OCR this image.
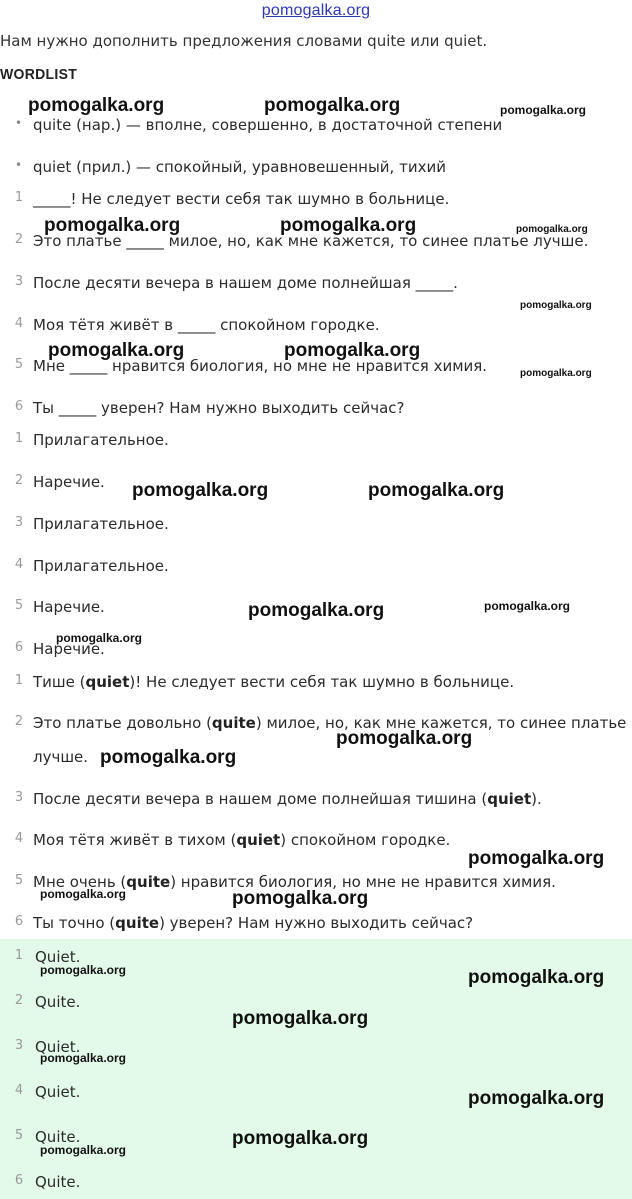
pomogalka.org
Нам нужно дополнить предложения словами quite или quiet.
WORDLIST
• quite (нар.) — вполне, совершенно, в достаточной степени
• quiet (прил.) — спокойный, уравновешенный, тихий
1 _____! Не следует вести себя так шумно в больнице.
2 Это платье _____ милое, но, как мне кажется, то синее платье лучше.
3 После десяти вечера в нашем доме полнейшая _____.
4 Моя тётя живёт в _____ спокойном городке.
5 Мне _____ нравится биология, но мне не нравится химия.
6 Ты _____ уверен? Нам нужно выходить сейчас?
1 Прилагательное.
2 Наречие.
3 Прилагательное.
4 Прилагательное.
5 Наречие.
6 Наречие.
1 Тише (quiet)! Не следует вести себя так шумно в больнице.
2 Это платье довольно (quite) милое, но, как мне кажется, то синее платье
лучше.
3 После десяти вечера в нашем доме полнейшая тишина (quiet).
4 Моя тётя живёт в тихом (quiet) спокойном городке.
5 Мне очень (quite) нравится биология, но мне не нравится химия.
6 Ты точно (quite) уверен? Нам нужно выходить сейчас?
1 Quiet.
2 Quite.
3 Quiet.
4 Quiet.
5 Quite.
6 Quite.
pomogalka.org	pomogalka.org	pomogalka.org
pomogalka.org	pomogalka.org	pomogalka.org
pomogalka.org
pomogalka.org	pomogalka.org
pomogalka.org
pomogalka.org	pomogalka.org
pomogalka.org	pomogalka.org
pomogalka.org
pomogalka.org
pomogalka.org
pomogalka.org
pomogalka.org
pomogalka.org
pomogalka.org	pomogalka.org
pomogalka.org
pomogalka.org
pomogalka.org
pomogalka.org
pomogalka.org
